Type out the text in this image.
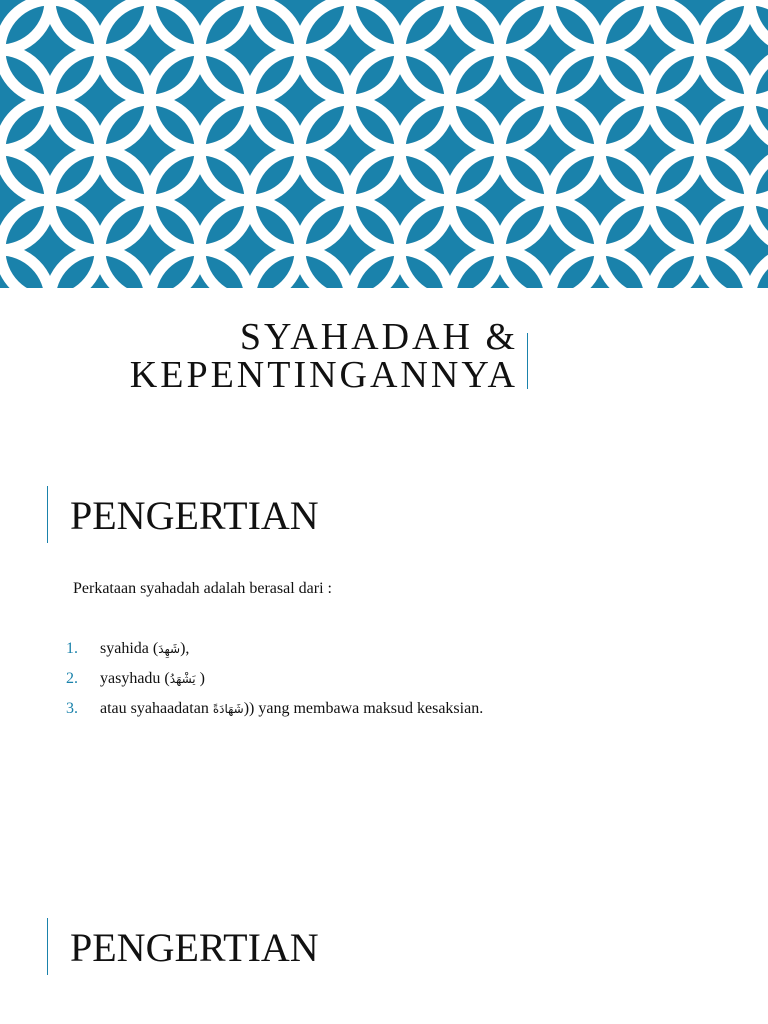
SYAHADAH &
KEPENTINGANNYA
PENGERTIAN
Perkataan syahadah adalah berasal dari :
1.	syahida (شَهِدَ),
2.	yasyhadu (يَشْهَدُ )
3.	atau syahaadatan شَهَادَةً)) yang membawa maksud kesaksian.
PENGERTIAN
